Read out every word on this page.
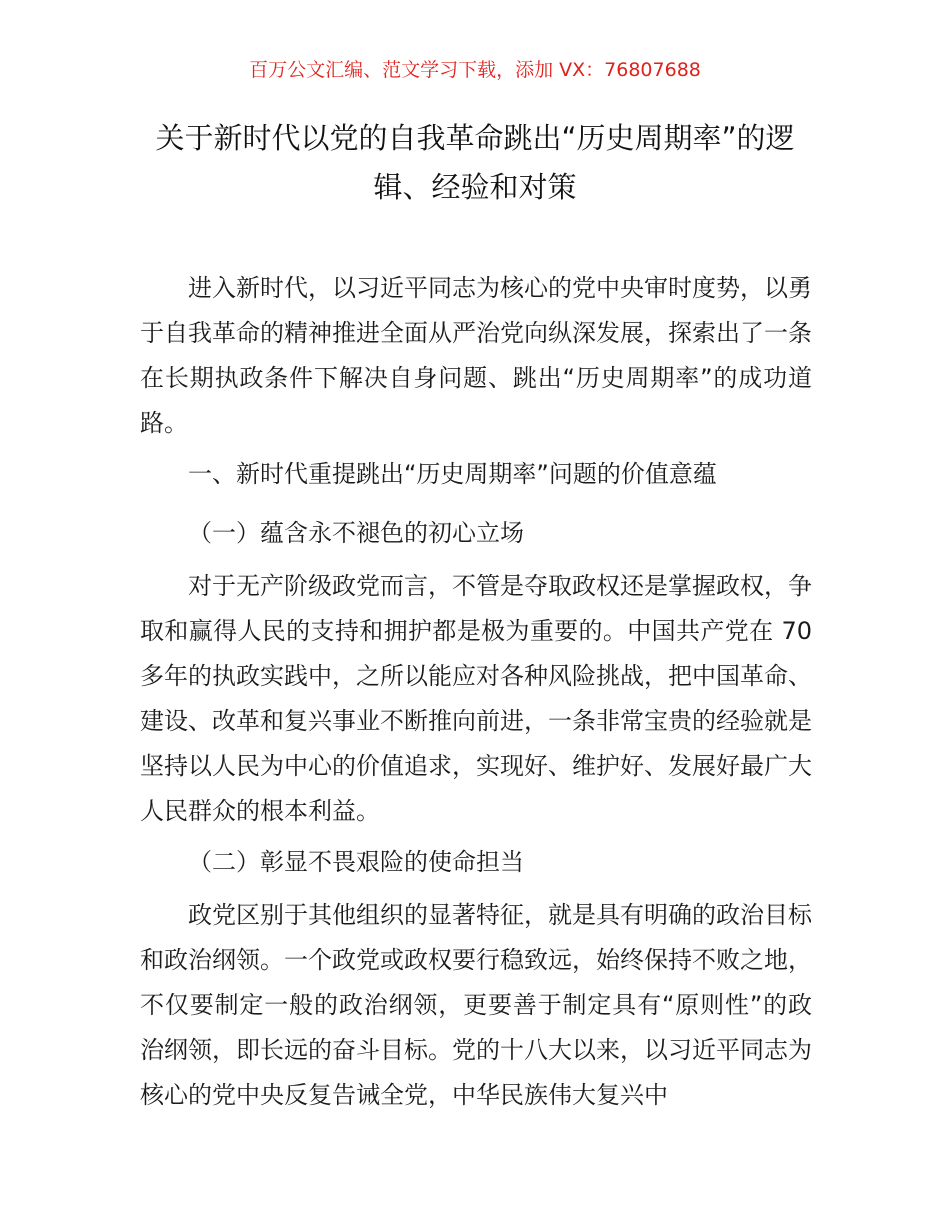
百万公文汇编、范文学习下载，添加 VX：76807688

关于新时代以党的自我革命跳出“历史周期率”的逻辑、经验和对策

进入新时代，以习近平同志为核心的党中央审时度势，以勇于自我革命的精神推进全面从严治党向纵深发展，探索出了一条在长期执政条件下解决自身问题、跳出“历史周期率”的成功道路。

一、新时代重提跳出“历史周期率”问题的价值意蕴

（一）蕴含永不褪色的初心立场

对于无产阶级政党而言，不管是夺取政权还是掌握政权，争取和赢得人民的支持和拥护都是极为重要的。中国共产党在 70 多年的执政实践中，之所以能应对各种风险挑战，把中国革命、建设、改革和复兴事业不断推向前进，一条非常宝贵的经验就是坚持以人民为中心的价值追求，实现好、维护好、发展好最广大人民群众的根本利益。

（二）彰显不畏艰险的使命担当

政党区别于其他组织的显著特征，就是具有明确的政治目标和政治纲领。一个政党或政权要行稳致远，始终保持不败之地，不仅要制定一般的政治纲领，更要善于制定具有“原则性”的政治纲领，即长远的奋斗目标。党的十八大以来，以习近平同志为核心的党中央反复告诫全党，中华民族伟大复兴中
